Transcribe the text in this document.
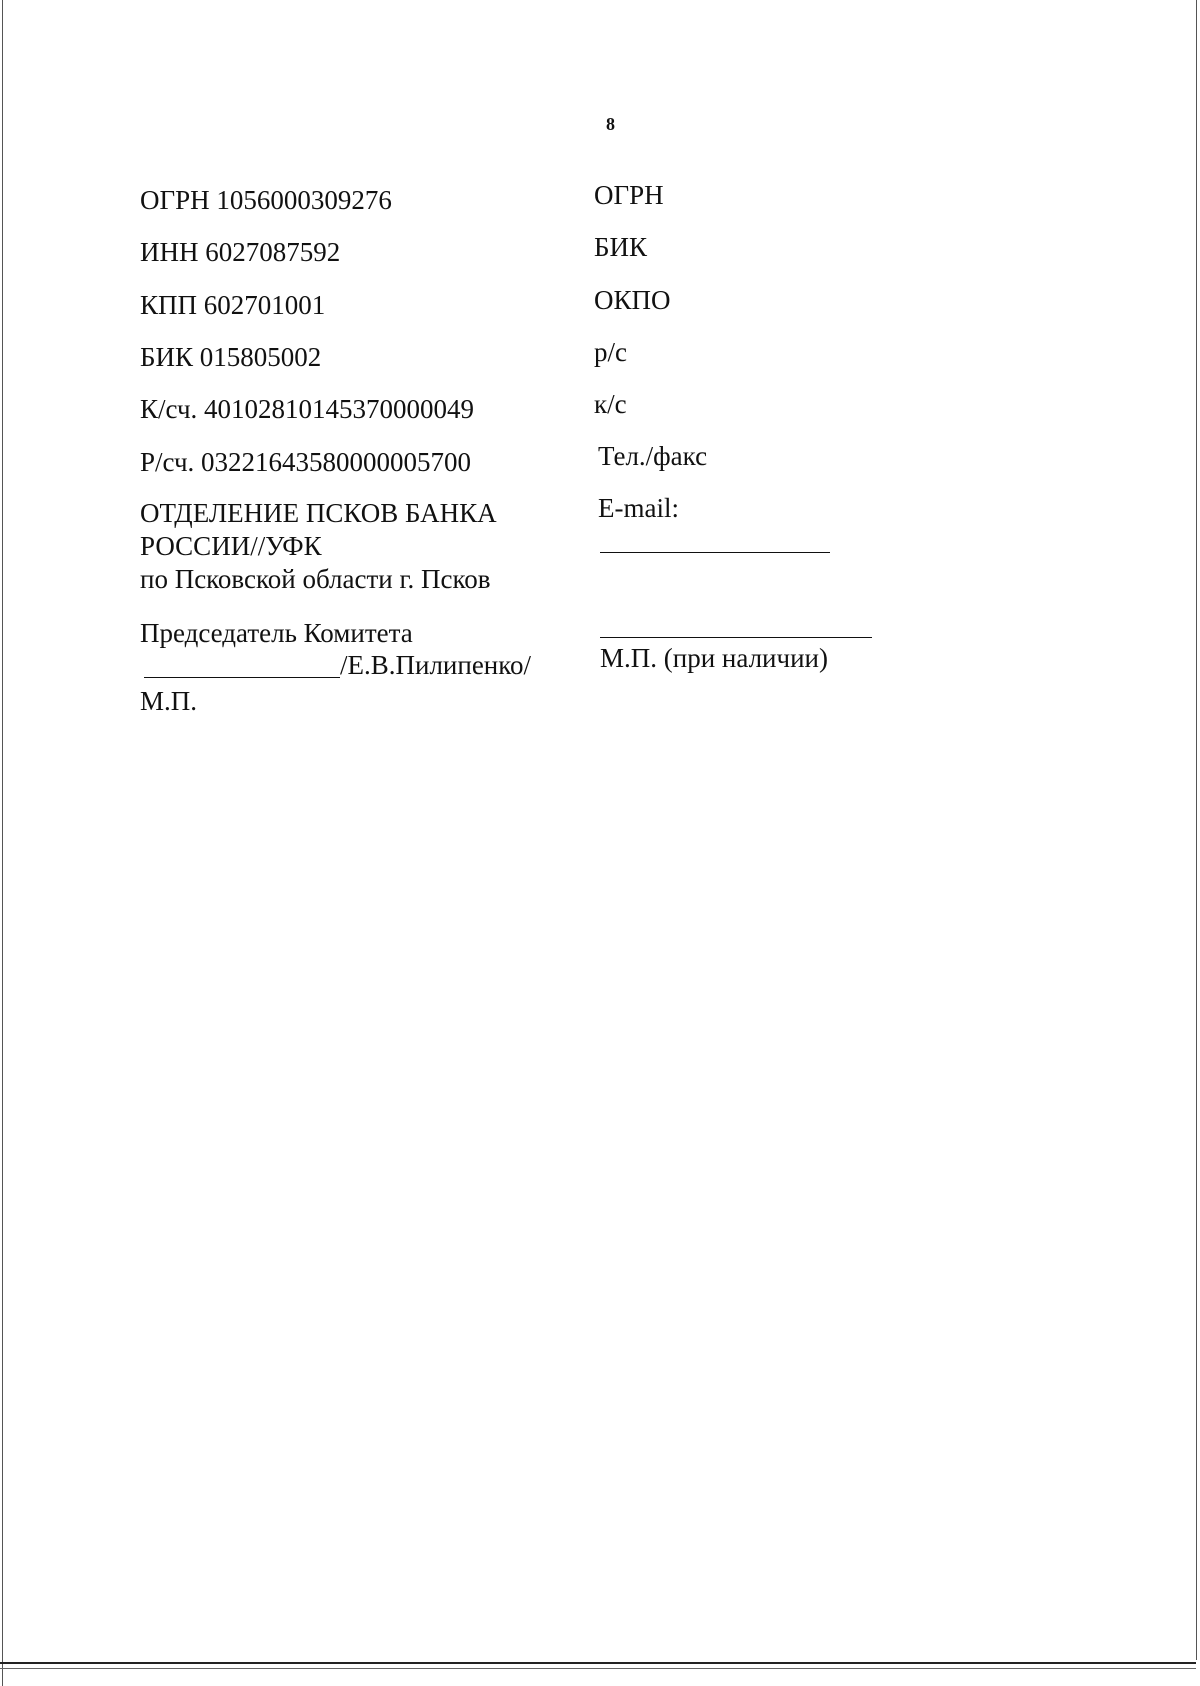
8
ОГРН 1056000309276
ИНН 6027087592
КПП 602701001
БИК 015805002
К/сч. 40102810145370000049
Р/сч. 03221643580000005700
ОТДЕЛЕНИЕ ПСКОВ БАНКА
РОССИИ//УФК
по Псковской области г. Псков
Председатель Комитета
/Е.В.Пилипенко/
М.П.
ОГРН
БИК
ОКПО
р/с
к/с
Тел./факс
E-mail:
М.П. (при наличии)
